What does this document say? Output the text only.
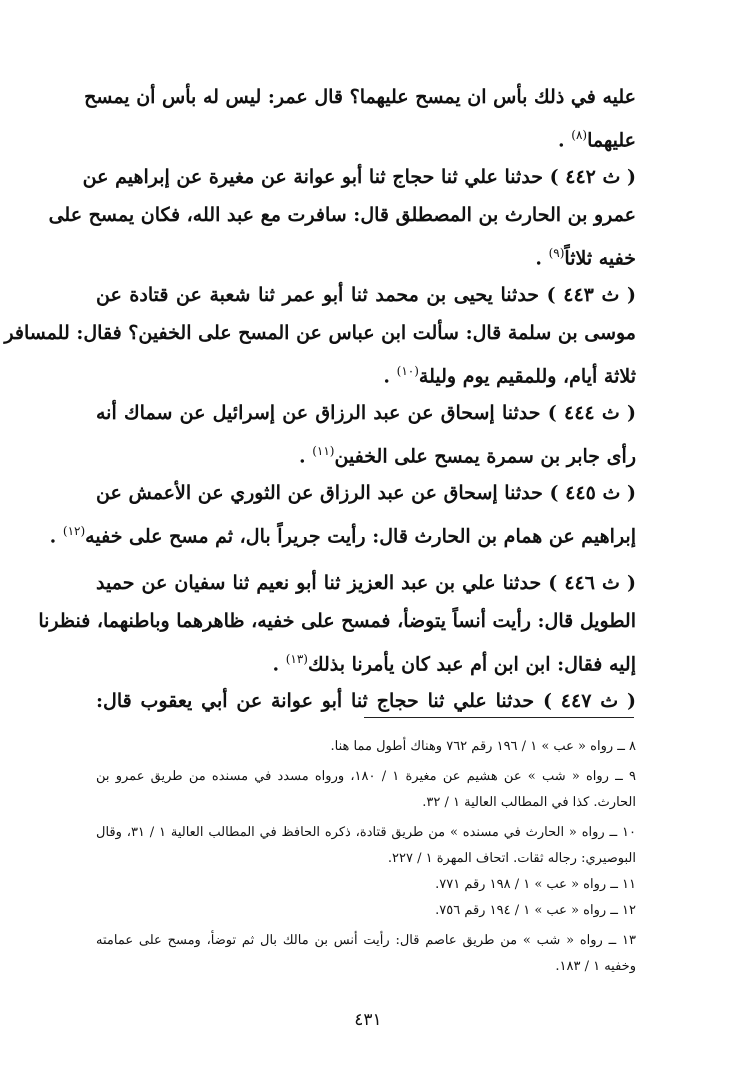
عليه في ذلك بأس ان يمسح عليهما؟ قال عمر: ليس له بأس أن يمسح
عليهما$^{(٨)}$ .
( ث ٤٤٢ ) حدثنا علي ثنا حجاج ثنا أبو عوانة عن مغيرة عن إبراهيم عن
عمرو بن الحارث بن المصطلق قال: سافرت مع عبد الله، فكان يمسح على
خفيه ثلاثاً$^{(٩)}$ .
( ث ٤٤٣ ) حدثنا يحيى بن محمد ثنا أبو عمر ثنا شعبة عن قتادة عن
موسى بن سلمة قال: سألت ابن عباس عن المسح على الخفين؟ فقال: للمسافر
ثلاثة أيام، وللمقيم يوم وليلة$^{(١٠)}$ .
( ث ٤٤٤ ) حدثنا إسحاق عن عبد الرزاق عن إسرائيل عن سماك أنه
رأى جابر بن سمرة يمسح على الخفين$^{(١١)}$ .
( ث ٤٤٥ ) حدثنا إسحاق عن عبد الرزاق عن الثوري عن الأعمش عن
إبراهيم عن همام بن الحارث قال: رأيت جريراً بال، ثم مسح على خفيه$^{(١٢)}$ .
( ث ٤٤٦ ) حدثنا علي بن عبد العزيز ثنا أبو نعيم ثنا سفيان عن حميد
الطويل قال: رأيت أنساً يتوضأ، فمسح على خفيه، ظاهرهما وباطنهما، فنظرنا
إليه فقال: ابن ابن أم عبد كان يأمرنا بذلك$^{(١٣)}$ .
( ث ٤٤٧ ) حدثنا علي ثنا حجاج ثنا أبو عوانة عن أبي يعقوب قال:
٨ ــ رواه « عب » ١ / ١٩٦ رقم ٧٦٢ وهناك أطول مما هنا.
٩ ــ رواه « شب » عن هشيم عن مغيرة ١ / ١٨٠، ورواه مسدد في مسنده من طريق عمرو بن
الحارث. كذا في المطالب العالية ١ / ٣٢.
١٠ ــ رواه « الحارث في مسنده » من طريق قتادة، ذكره الحافظ في المطالب العالية ١ / ٣١، وقال
البوصيري: رجاله ثقات. اتحاف المهرة ١ / ٢٢٧.
١١ ــ رواه « عب » ١ / ١٩٨ رقم ٧٧١.
١٢ ــ رواه « عب » ١ / ١٩٤ رقم ٧٥٦.
١٣ ــ رواه « شب » من طريق عاصم قال: رأيت أنس بن مالك بال ثم توضأ، ومسح على عمامته
وخفيه ١ / ١٨٣.
٤٣١
